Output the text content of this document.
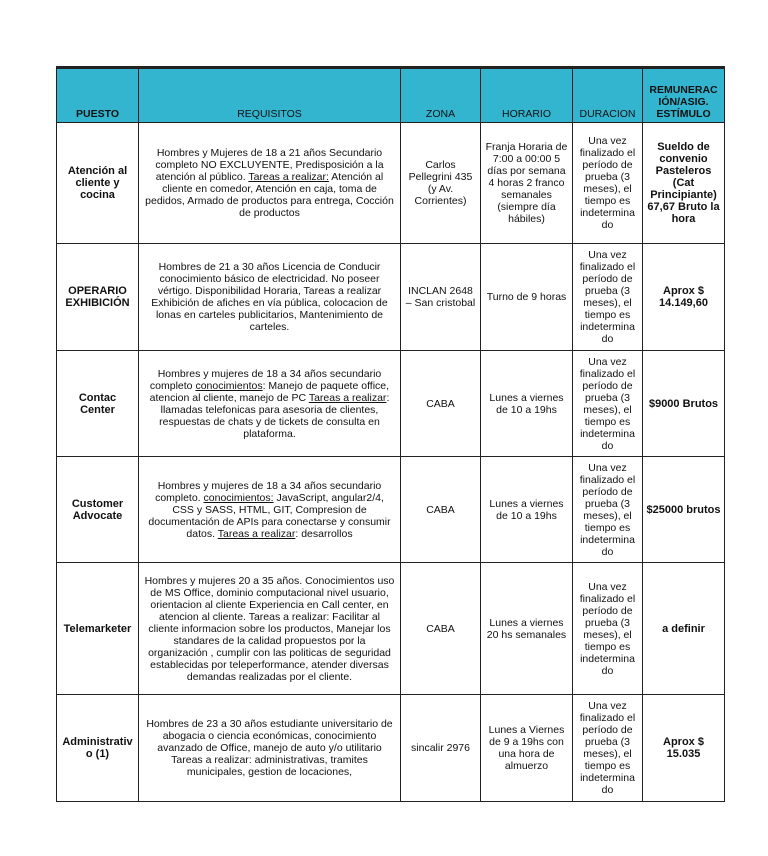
PUESTO	REQUISITOS	ZONA	HORARIO	DURACION	REMUNERAC IÓN/ASIG. ESTÍMULO
Atención al cliente y cocina	Hombres y Mujeres de 18 a 21 años Secundario completo NO EXCLUYENTE, Predisposición a la atención al público. Tareas a realizar: Atención al cliente en comedor, Atención en caja, toma de pedidos, Armado de productos para entrega, Cocción de productos	Carlos Pellegrini 435 (y Av. Corrientes)	Franja Horaria de 7:00 a 00:00 5 días por semana 4 horas 2 franco semanales (siempre día hábiles)	Una vez finalizado el período de prueba (3 meses), el tiempo es indetermina do	Sueldo de convenio Pasteleros (Cat Principiante) 67,67 Bruto la hora
OPERARIO EXHIBICIÓN	Hombres de 21 a 30 años Licencia de Conducir conocimiento básico de electricidad. No poseer vértigo. Disponibilidad Horaria, Tareas a realizar Exhibición de afiches en vía pública, colocacion de lonas en carteles publicitarios, Mantenimiento de carteles.	INCLAN 2648 – San cristobal	Turno de 9 horas	Una vez finalizado el período de prueba (3 meses), el tiempo es indetermina do	Aprox $ 14.149,60
Contac Center	Hombres y mujeres de 18 a 34 años secundario completo conocimientos: Manejo de paquete office, atencion al cliente, manejo de PC Tareas a realizar: llamadas telefonicas para asesoria de clientes, respuestas de chats y de tickets de consulta en plataforma.	CABA	Lunes a viernes de 10 a 19hs	Una vez finalizado el período de prueba (3 meses), el tiempo es indetermina do	$9000 Brutos
Customer Advocate	Hombres y mujeres de 18 a 34 años secundario completo. conocimientos: JavaScript, angular2/4, CSS y SASS, HTML, GIT, Compresion de documentación de APIs para conectarse y consumir datos. Tareas a realizar: desarrollos	CABA	Lunes a viernes de 10 a 19hs	Una vez finalizado el período de prueba (3 meses), el tiempo es indetermina do	$25000 brutos
Telemarketer	Hombres y mujeres 20 a 35 años. Conocimientos uso de MS Office, dominio computacional nivel usuario, orientacion al cliente Experiencia en Call center, en atencion al cliente. Tareas a realizar: Facilitar al cliente informacion sobre los productos, Manejar los standares de la calidad propuestos por la organización , cumplir con las politicas de seguridad establecidas por teleperformance, atender diversas demandas realizadas por el cliente.	CABA	Lunes a viernes 20 hs semanales	Una vez finalizado el período de prueba (3 meses), el tiempo es indetermina do	a definir
Administrativ o (1)	Hombres de 23 a 30 años estudiante universitario de abogacia o ciencia económicas, conocimiento avanzado de Office, manejo de auto y/o utilitario Tareas a realizar: administrativas, tramites municipales, gestion de locaciones,	sincalir 2976	Lunes a Viernes de 9 a 19hs con una hora de almuerzo	Una vez finalizado el período de prueba (3 meses), el tiempo es indetermina do	Aprox $ 15.035
